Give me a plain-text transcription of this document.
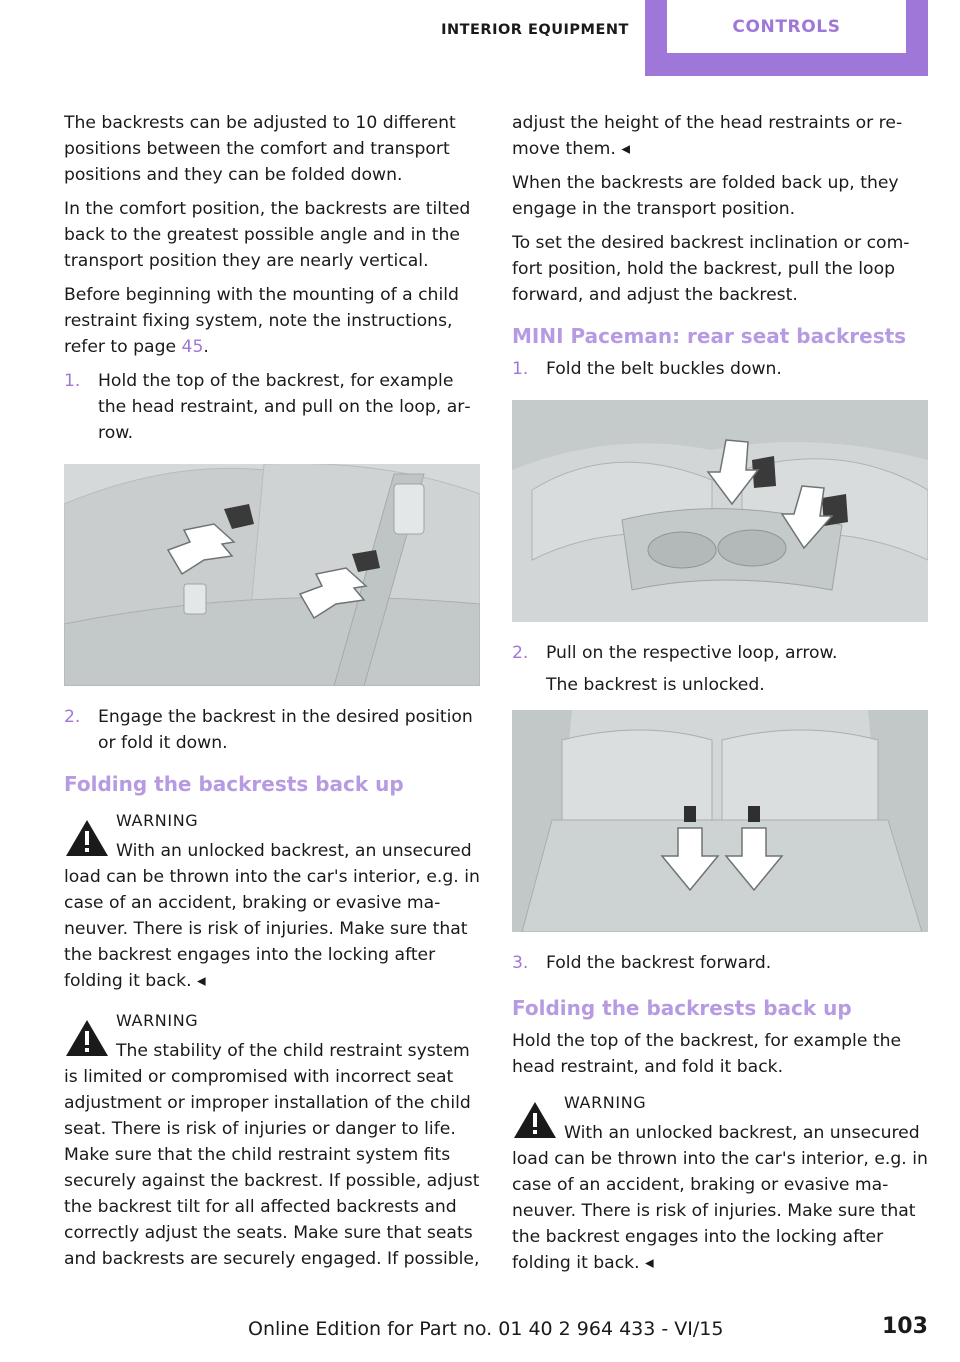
INTERIOR EQUIPMENT	CONTROLS

The backrests can be adjusted to 10 different positions between the comfort and transport positions and they can be folded down.

In the comfort position, the backrests are tilted back to the greatest possible angle and in the transport position they are nearly vertical.

Before beginning with the mounting of a child restraint fixing system, note the instructions, refer to page 45.

1.	Hold the top of the backrest, for example the head restraint, and pull on the loop, ar‐ row.
2.	Engage the backrest in the desired position or fold it down.
Folding the backrests back up
WARNING

With an unlocked backrest, an unsecured
load can be thrown into the car's interior, e.g. in case of an accident, braking or evasive ma‐ neuver. There is risk of injuries. Make sure that the backrest engages into the locking after folding it back. ◂

WARNING

The stability of the child restraint system
is limited or compromised with incorrect seat adjustment or improper installation of the child seat. There is risk of injuries or danger to life. Make sure that the child restraint system fits securely against the backrest. If possible, adjust the backrest tilt for all affected backrests and correctly adjust the seats. Make sure that seats and backrests are securely engaged. If possible,

adjust the height of the head restraints or re‐ move them. ◂

When the backrests are folded back up, they engage in the transport position.

To set the desired backrest inclination or com‐ fort position, hold the backrest, pull the loop forward, and adjust the backrest.

MINI Paceman: rear seat backrests
1.	Fold the belt buckles down.
2.	Pull on the respective loop, arrow.
The backrest is unlocked.
3.	Fold the backrest forward.
Folding the backrests back up

Hold the top of the backrest, for example the head restraint, and fold it back.

WARNING

With an unlocked backrest, an unsecured
load can be thrown into the car's interior, e.g. in case of an accident, braking or evasive ma‐ neuver. There is risk of injuries. Make sure that the backrest engages into the locking after folding it back. ◂

Online Edition for Part no. 01 40 2 964 433 - VI/15	103
